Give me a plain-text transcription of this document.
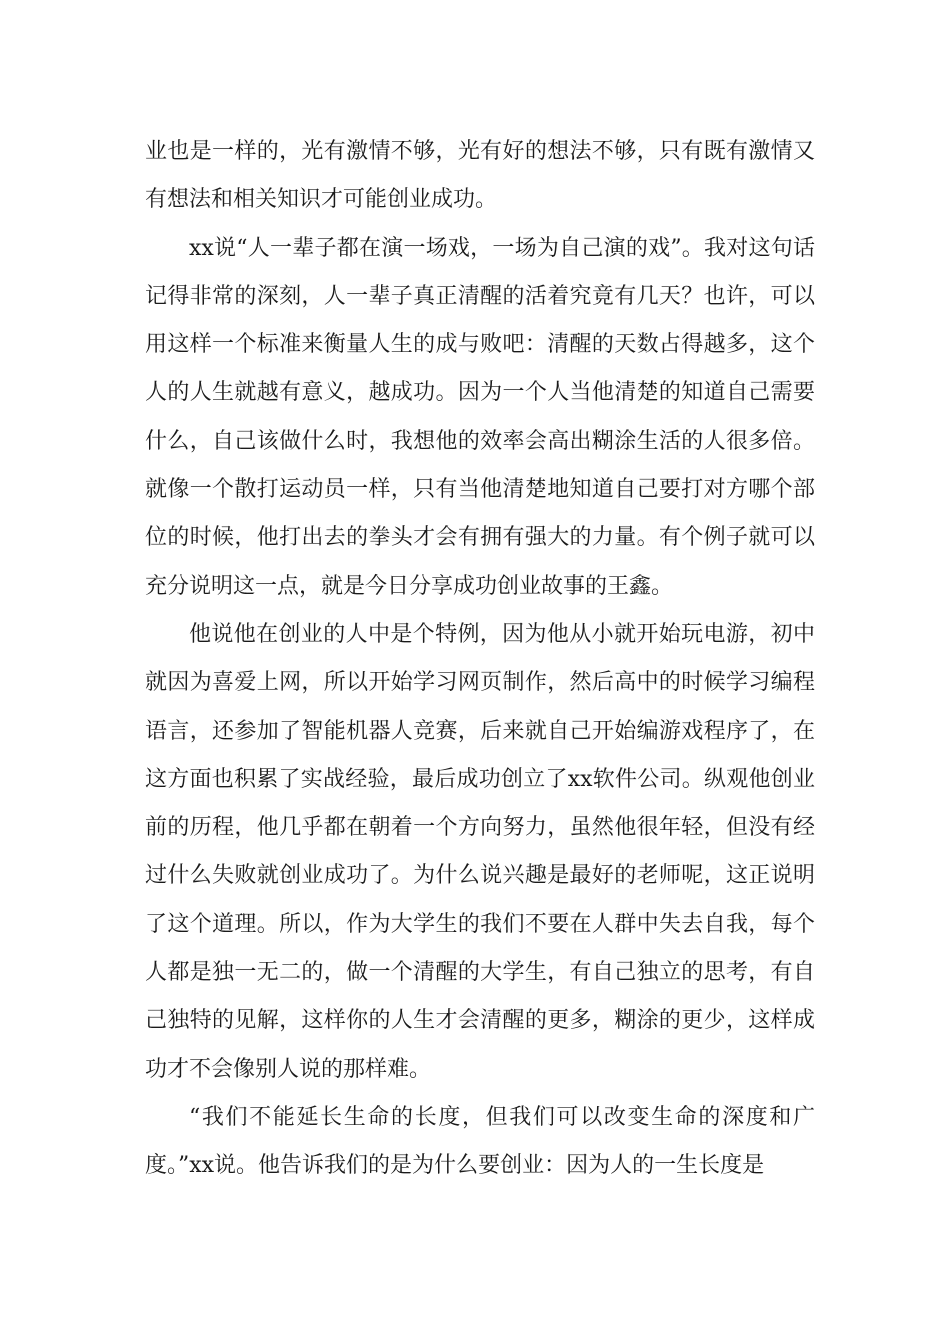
业也是一样的，光有激情不够，光有好的想法不够，只有既有激情又有想法和相关知识才可能创业成功。

xx说“人一辈子都在演一场戏，一场为自己演的戏”。我对这句话记得非常的深刻，人一辈子真正清醒的活着究竟有几天？也许，可以用这样一个标准来衡量人生的成与败吧：清醒的天数占得越多，这个人的人生就越有意义，越成功。因为一个人当他清楚的知道自己需要什么，自己该做什么时，我想他的效率会高出糊涂生活的人很多倍。就像一个散打运动员一样，只有当他清楚地知道自己要打对方哪个部位的时候，他打出去的拳头才会有拥有强大的力量。有个例子就可以充分说明这一点，就是今日分享成功创业故事的王鑫。

他说他在创业的人中是个特例，因为他从小就开始玩电游，初中就因为喜爱上网，所以开始学习网页制作，然后高中的时候学习编程语言，还参加了智能机器人竞赛，后来就自己开始编游戏程序了，在这方面也积累了实战经验，最后成功创立了xx软件公司。纵观他创业前的历程，他几乎都在朝着一个方向努力，虽然他很年轻，但没有经过什么失败就创业成功了。为什么说兴趣是最好的老师呢，这正说明了这个道理。所以，作为大学生的我们不要在人群中失去自我，每个人都是独一无二的，做一个清醒的大学生，有自己独立的思考，有自己独特的见解，这样你的人生才会清醒的更多，糊涂的更少，这样成功才不会像别人说的那样难。

“我们不能延长生命的长度，但我们可以改变生命的深度和广度。”xx说。他告诉我们的是为什么要创业：因为人的一生长度是
